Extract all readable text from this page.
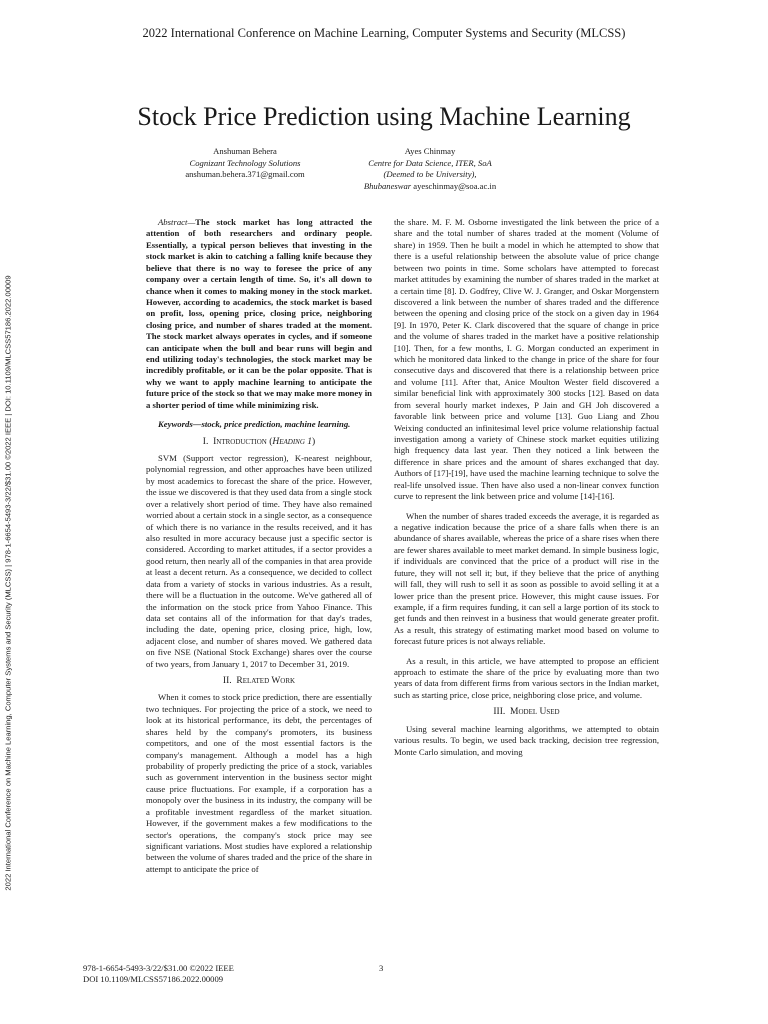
2022 International Conference on Machine Learning, Computer Systems and Security (MLCSS) | 978-1-6654-5493-3/22/$31.00 ©2022 IEEE | DOI: 10.1109/MLCSS57186.2022.00009
2022 International Conference on Machine Learning, Computer Systems and Security (MLCSS)
Stock Price Prediction using Machine Learning
Anshuman Behera
Cognizant Technology Solutions
anshuman.behera.371@gmail.com
Ayes Chinmay
Centre for Data Science, ITER, SoA
(Deemed to be University),
Bhubaneswar ayeschinmay@soa.ac.in

Abstract—The stock market has long attracted the attention of both researchers and ordinary people. Essentially, a typical person believes that investing in the stock market is akin to catching a falling knife because they believe that there is no way to foresee the price of any company over a certain length of time. So, it's all down to chance when it comes to making money in the stock market. However, according to academics, the stock market is based on profit, loss, opening price, closing price, neighboring closing price, and number of shares traded at the moment. The stock market always operates in cycles, and if someone can anticipate when the bull and bear runs will begin and end utilizing today's technologies, the stock market may be incredibly profitable, or it can be the polar opposite. That is why we want to apply machine learning to anticipate the future price of the stock so that we may make more money in a shorter period of time while minimizing risk.

Keywords—stock, price prediction, machine learning.

I. Introduction (Heading 1)

SVM (Support vector regression), K-nearest neighbour, polynomial regression, and other approaches have been utilized by most academics to forecast the share of the price. However, the issue we discovered is that they used data from a single stock over a relatively short period of time. They have also remained worried about a certain stock in a single sector, as a consequence of which there is no variance in the results received, and it has also resulted in more accuracy because just a specific sector is considered. According to market attitudes, if a sector provides a good return, then nearly all of the companies in that area provide at least a decent return. As a consequence, we decided to collect data from a variety of stocks in various industries. As a result, there will be a fluctuation in the outcome. We've gathered all of the information on the stock price from Yahoo Finance. This data set contains all of the information for that day's trades, including the date, opening price, closing price, high, low, adjacent close, and number of shares moved. We gathered data on five NSE (National Stock Exchange) shares over the course of two years, from January 1, 2017 to December 31, 2019.

II. Related Work

When it comes to stock price prediction, there are essentially two techniques. For projecting the price of a stock, we need to look at its historical performance, its debt, the percentages of shares held by the company's promoters, its business competitors, and one of the most essential factors is the company's management. Although a model has a high probability of properly predicting the price of a stock, variables such as government intervention in the business sector might cause price fluctuations. For example, if a corporation has a monopoly over the business in its industry, the company will be a profitable investment regardless of the market situation. However, if the government makes a few modifications to the sector's operations, the company's stock price may see significant variations. Most studies have explored a relationship between the volume of shares traded and the price of the share in attempt to anticipate the price of

the share. M. F. M. Osborne investigated the link between the price of a share and the total number of shares traded at the moment (Volume of share) in 1959. Then he built a model in which he attempted to show that there is a useful relationship between the absolute value of price change between two points in time. Some scholars have attempted to forecast market attitudes by examining the number of shares traded in the market at a certain time [8]. D. Godfrey, Clive W. J. Granger, and Oskar Morgenstern discovered a link between the number of shares traded and the difference between the opening and closing price of the stock on a given day in 1964 [9]. In 1970, Peter K. Clark discovered that the square of change in price and the volume of shares traded in the market have a positive relationship [10]. Then, for a few months, I. G. Morgan conducted an experiment in which he monitored data linked to the change in price of the share for four consecutive days and discovered that there is a relationship between price and volume [11]. After that, Anice Moulton Wester field discovered a similar beneficial link with approximately 300 stocks [12]. Based on data from several hourly market indexes, P Jain and GH Joh discovered a favorable link between price and volume [13]. Guo Liang and Zhou Weixing conducted an infinitesimal level price volume relationship factual investigation among a variety of Chinese stock market equities utilizing high frequency data last year. Then they noticed a link between the difference in share prices and the amount of shares exchanged that day. Authors of [17]-[19], have used the machine learning technique to solve the real-life unsolved issue. Then have also used a non-linear convex function curve to represent the link between price and volume [14]-[16].

When the number of shares traded exceeds the average, it is regarded as a negative indication because the price of a share falls when there is an abundance of shares available, whereas the price of a share rises when there are fewer shares available to meet market demand. In simple business logic, if individuals are convinced that the price of a product will rise in the future, they will not sell it; but, if they believe that the price of anything will fall, they will rush to sell it as soon as possible to avoid selling it at a lower price than the present price. However, this might cause issues. For example, if a firm requires funding, it can sell a large portion of its stock to get funds and then reinvest in a business that would generate greater profit. As a result, this strategy of estimating market mood based on volume to forecast future prices is not always reliable.

As a result, in this article, we have attempted to propose an efficient approach to estimate the share of the price by evaluating more than two years of data from different firms from various sectors in the Indian market, such as starting price, close price, neighboring close price, and volume.

III. Model Used

Using several machine learning algorithms, we attempted to obtain various results. To begin, we used back tracking, decision tree regression, Monte Carlo simulation, and moving

978-1-6654-5493-3/22/$31.00 ©2022 IEEE
DOI 10.1109/MLCSS57186.2022.00009
3
